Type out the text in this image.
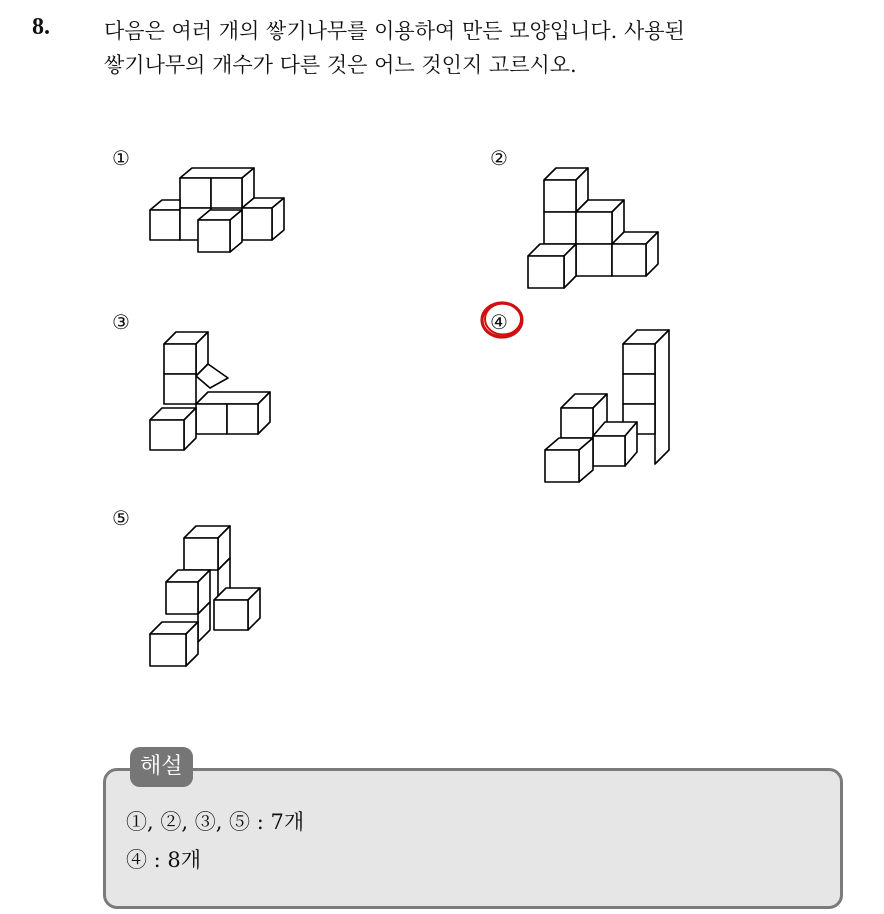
8.	다음은 여러 개의 쌓기나무를 이용하여 만든 모양입니다. 사용된
쌓기나무의 개수가 다른 것은 어느 것인지 고르시오.
①	②
③	④
⑤
해설
①, ②, ③, ⑤ : 7개
④ : 8개
